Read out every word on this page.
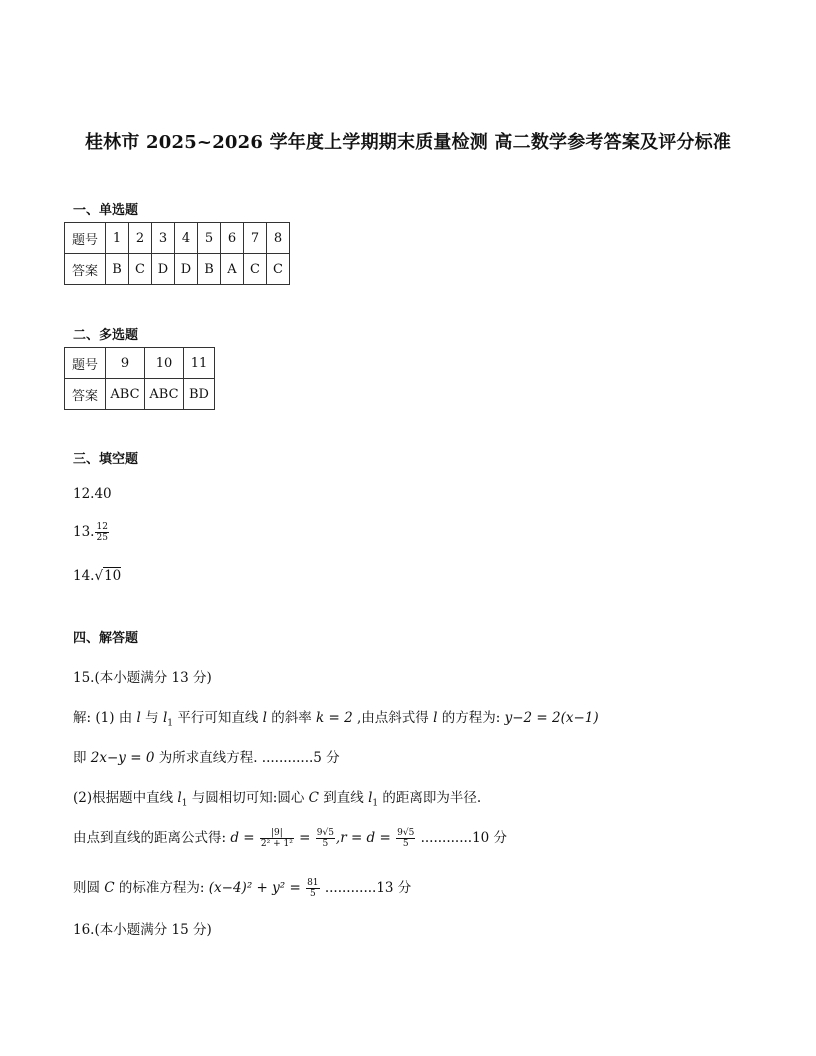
桂林市 2025~2026 学年度上学期期末质量检测 高二数学参考答案及评分标准
一、单选题
题号	1	2	3	4	5	6	7	8
答案	B	C	D	D	B	A	C	C
二、多选题
题号	9	10	11
答案	ABC	ABC	BD
三、填空题
12.40
13. $\frac{12}{25}$
14.√10
四、解答题
15.(本小题满分 13 分)
解: (1) 由 l 与 $l_1$ 平行可知直线 l 的斜率 k = 2 ,由点斜式得 l 的方程为: y−2 = 2(x−1)
即 2x−y = 0 为所求直线方程. ............5 分
(2)根据题中直线 $l_1$ 与圆相切可知:圆心 C 到直线 $l_1$ 的距离即为半径.
由点到直线的距离公式得: $d = \frac{|9|}{\text{2² + 1²}} = \frac{9√5}{5} ,r = d = \frac{9√5}{5} ............10$ 分
则圆 C 的标准方程为: $(x-4)^2 + y^2 = \frac{81}{5} ............13$ 分
16.(本小题满分 15 分)
